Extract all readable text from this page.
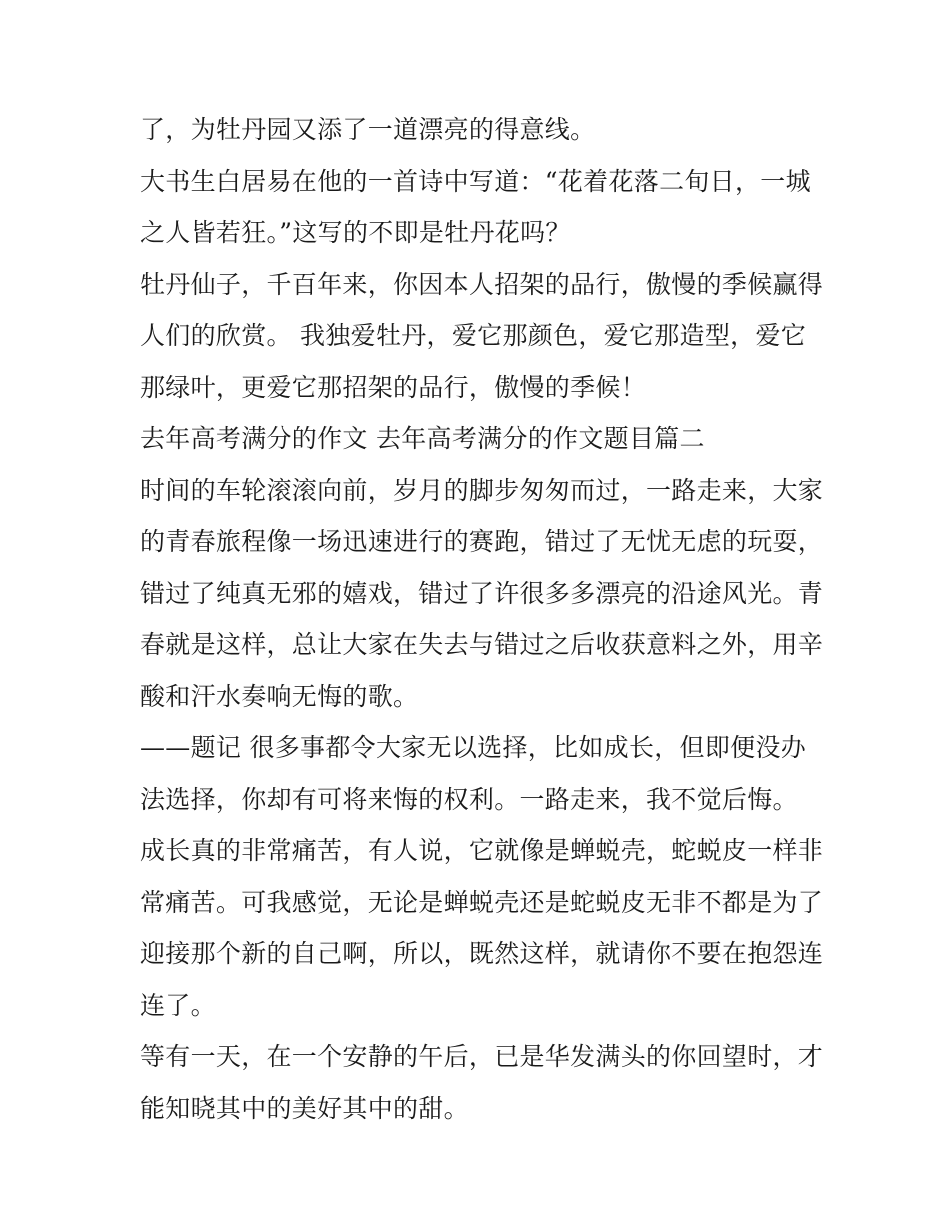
了，为牡丹园又添了一道漂亮的得意线。
大书生白居易在他的一首诗中写道：“花着花落二旬日，一城
之人皆若狂。”这写的不即是牡丹花吗？
牡丹仙子，千百年来，你因本人招架的品行，傲慢的季候赢得
人们的欣赏。 我独爱牡丹，爱它那颜色，爱它那造型，爱它
那绿叶，更爱它那招架的品行，傲慢的季候！
去年高考满分的作文 去年高考满分的作文题目篇二
时间的车轮滚滚向前，岁月的脚步匆匆而过，一路走来，大家
的青春旅程像一场迅速进行的赛跑，错过了无忧无虑的玩耍，
错过了纯真无邪的嬉戏，错过了许很多多漂亮的沿途风光。青
春就是这样，总让大家在失去与错过之后收获意料之外，用辛
酸和汗水奏响无悔的歌。
——题记 很多事都令大家无以选择，比如成长，但即便没办
法选择，你却有可将来悔的权利。一路走来，我不觉后悔。
成长真的非常痛苦，有人说，它就像是蝉蜕壳，蛇蜕皮一样非
常痛苦。可我感觉，无论是蝉蜕壳还是蛇蜕皮无非不都是为了
迎接那个新的自己啊，所以，既然这样，就请你不要在抱怨连
连了。
等有一天，在一个安静的午后，已是华发满头的你回望时，才
能知晓其中的美好其中的甜。
